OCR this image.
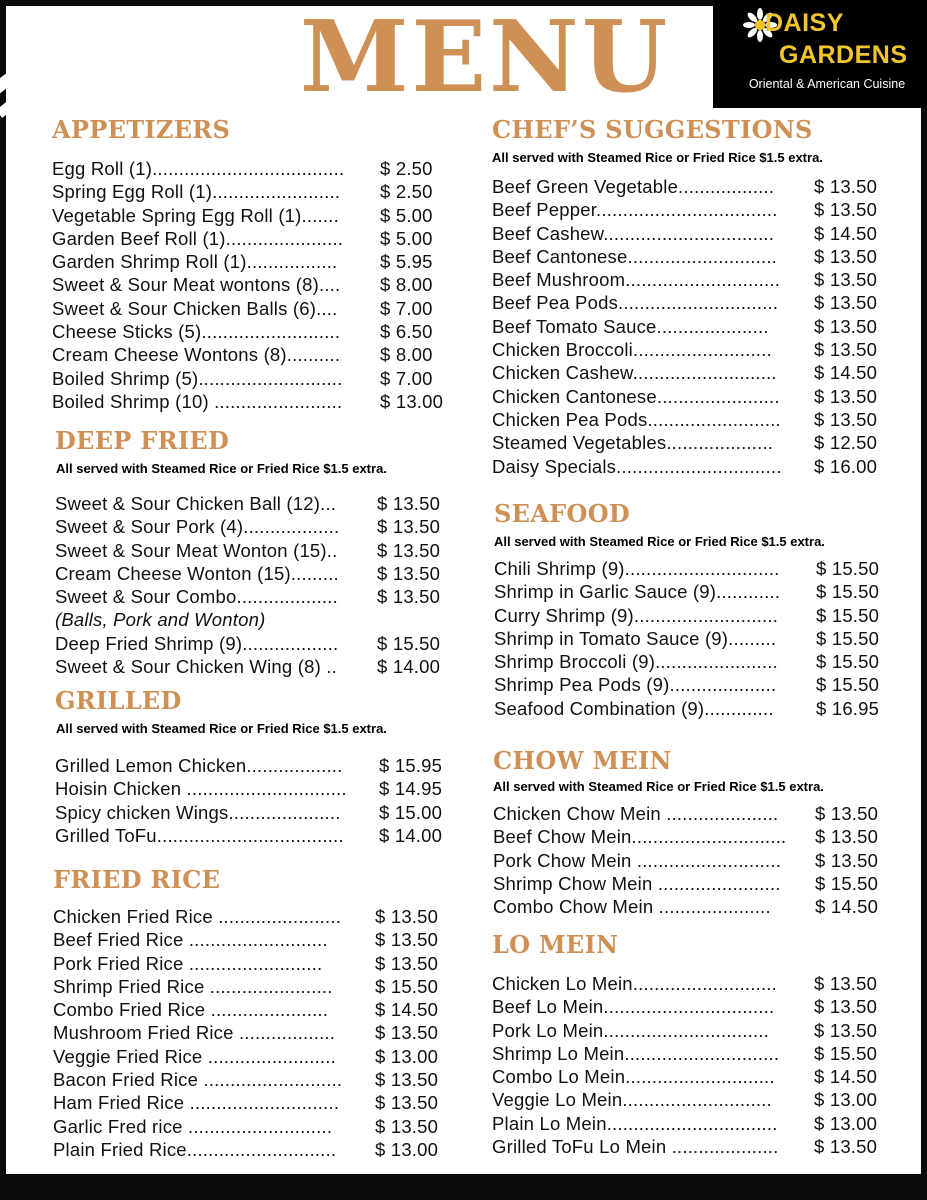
MENU	DAISY
GARDENS
Oriental & American Cuisine
APPETIZERS
Egg Roll (1).................................... $ 2.50
Spring Egg Roll (1)........................ $ 2.50
Vegetable Spring Egg Roll (1)....... $ 5.00
Garden Beef Roll (1)...................... $ 5.00
Garden Shrimp Roll (1)................. $ 5.95
Sweet & Sour Meat wontons (8).... $ 8.00
Sweet & Sour Chicken Balls (6).... $ 7.00
Cheese Sticks (5).......................... $ 6.50
Cream Cheese Wontons (8).......... $ 8.00
Boiled Shrimp (5)........................... $ 7.00
Boiled Shrimp (10) ........................ $ 13.00
DEEP FRIED
All served with Steamed Rice or Fried Rice $1.5 extra.
Sweet & Sour Chicken Ball (12)... $ 13.50
Sweet & Sour Pork (4).................. $ 13.50
Sweet & Sour Meat Wonton (15).. $ 13.50
Cream Cheese Wonton (15)......... $ 13.50
Sweet & Sour Combo................... $ 13.50
(Balls, Pork and Wonton)
Deep Fried Shrimp (9).................. $ 15.50
Sweet & Sour Chicken Wing (8) .. $ 14.00
GRILLED
All served with Steamed Rice or Fried Rice $1.5 extra.
Grilled Lemon Chicken.................. $ 15.95
Hoisin Chicken .............................. $ 14.95
Spicy chicken Wings..................... $ 15.00
Grilled ToFu................................... $ 14.00
FRIED RICE
Chicken Fried Rice ....................... $ 13.50
Beef Fried Rice ..........................	$ 13.50
Pork Fried Rice .........................	$ 13.50
Shrimp Fried Rice ....................... $ 15.50
Combo Fried Rice ......................	$ 14.50
Mushroom Fried Rice .................. $ 13.50
Veggie Fried Rice ........................ $ 13.00
Bacon Fried Rice .......................... $ 13.50
Ham Fried Rice ............................ $ 13.50
Garlic Fred rice ........................... $ 13.50
Plain Fried Rice............................ $ 13.00
CHEF’S SUGGESTIONS
All served with Steamed Rice or Fried Rice $1.5 extra.
Beef Green Vegetable.................. $ 13.50
Beef Pepper.................................. $ 13.50
Beef Cashew................................ $ 14.50
Beef Cantonese............................ $ 13.50
Beef Mushroom............................. $ 13.50
Beef Pea Pods.............................. $ 13.50
Beef Tomato Sauce..................... $ 13.50
Chicken Broccoli.......................... $ 13.50
Chicken Cashew........................... $ 14.50
Chicken Cantonese....................... $ 13.50
Chicken Pea Pods......................... $ 13.50
Steamed Vegetables.................... $ 12.50
Daisy Specials............................... $ 16.00
SEAFOOD
All served with Steamed Rice or Fried Rice $1.5 extra.
Chili Shrimp (9)............................. $ 15.50
Shrimp in Garlic Sauce (9)............ $ 15.50
Curry Shrimp (9)........................... $ 15.50
Shrimp in Tomato Sauce (9)......... $ 15.50
Shrimp Broccoli (9)....................... $ 15.50
Shrimp Pea Pods (9).................... $ 15.50
Seafood Combination (9)............. $ 16.95
CHOW MEIN
All served with Steamed Rice or Fried Rice $1.5 extra.
Chicken Chow Mein ..................... $ 13.50
Beef Chow Mein............................. $ 13.50
Pork Chow Mein ........................... $ 13.50
Shrimp Chow Mein ....................... $ 15.50
Combo Chow Mein ..................... $ 14.50
LO MEIN
Chicken Lo Mein........................... $ 13.50
Beef Lo Mein................................ $ 13.50
Pork Lo Mein............................... $ 13.50
Shrimp Lo Mein............................. $ 15.50
Combo Lo Mein............................ $ 14.50
Veggie Lo Mein............................ $ 13.00
Plain Lo Mein................................ $ 13.00
Grilled ToFu Lo Mein .................... $ 13.50
